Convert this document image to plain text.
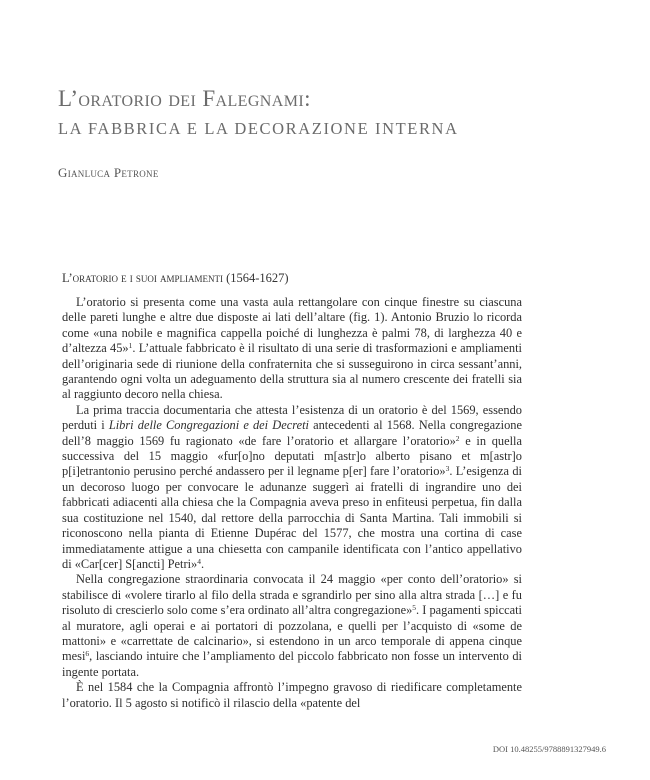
L’oratorio dei Falegnami:
LA FABBRICA E LA DECORAZIONE INTERNA
Gianluca Petrone
L’oratorio e i suoi ampliamenti (1564-1627)

L’oratorio si presenta come una vasta aula rettangolare con cinque finestre su ciascuna delle pareti lunghe e altre due disposte ai lati dell’altare (fig. 1). Antonio Bruzio lo ricorda come «una nobile e magnifica cappella poiché di lunghezza è palmi 78, di larghezza 40 e d’altezza 45»$^1$. L’attuale fabbricato è il risultato di una serie di trasformazioni e ampliamenti dell’originaria sede di riunione della confraternita che si susseguirono in circa sessant’anni, garantendo ogni volta un adeguamento della struttura sia al numero crescente dei fratelli sia al raggiunto decoro nella chiesa.

La prima traccia documentaria che attesta l’esistenza di un oratorio è del 1569, essendo perduti i Libri delle Congregazioni e dei Decreti antecedenti al 1568. Nella congregazione dell’8 maggio 1569 fu ragionato «de fare l’oratorio et allargare l’oratorio»$^2$ e in quella successiva del 15 maggio «fur[o]no deputati m[astr]o alberto pisano et m[astr]o p[i]etrantonio perusino perché andassero per il legname p[er] fare l’oratorio»$^3$. L’esigenza di un decoroso luogo per convocare le adunanze suggerì ai fratelli di ingrandire uno dei fabbricati adiacenti alla chiesa che la Compagnia aveva preso in enfiteusi perpetua, fin dalla sua costituzione nel 1540, dal rettore della parrocchia di Santa Martina. Tali immobili si riconoscono nella pianta di Etienne Dupérac del 1577, che mostra una cortina di case immediatamente attigue a una chiesetta con campanile identificata con l’antico appellativo di «Car[cer] S[ancti] Petri»$^4$.

Nella congregazione straordinaria convocata il 24 maggio «per conto dell’oratorio» si stabilisce di «volere tirarlo al filo della strada e sgrandirlo per sino alla altra strada […] e fu risoluto di crescierlo solo come s’era ordinato all’altra congregazione»$^5$. I pagamenti spiccati al muratore, agli operai e ai portatori di pozzolana, e quelli per l’acquisto di «some de mattoni» e «carrettate de calcinario», si estendono in un arco temporale di appena cinque mesi$^6$, lasciando intuire che l’ampliamento del piccolo fabbricato non fosse un intervento di ingente portata.

È nel 1584 che la Compagnia affrontò l’impegno gravoso di riedificare completamente l’oratorio. Il 5 agosto si notificò il rilascio della «patente del

DOI 10.48255/9788891327949.6
